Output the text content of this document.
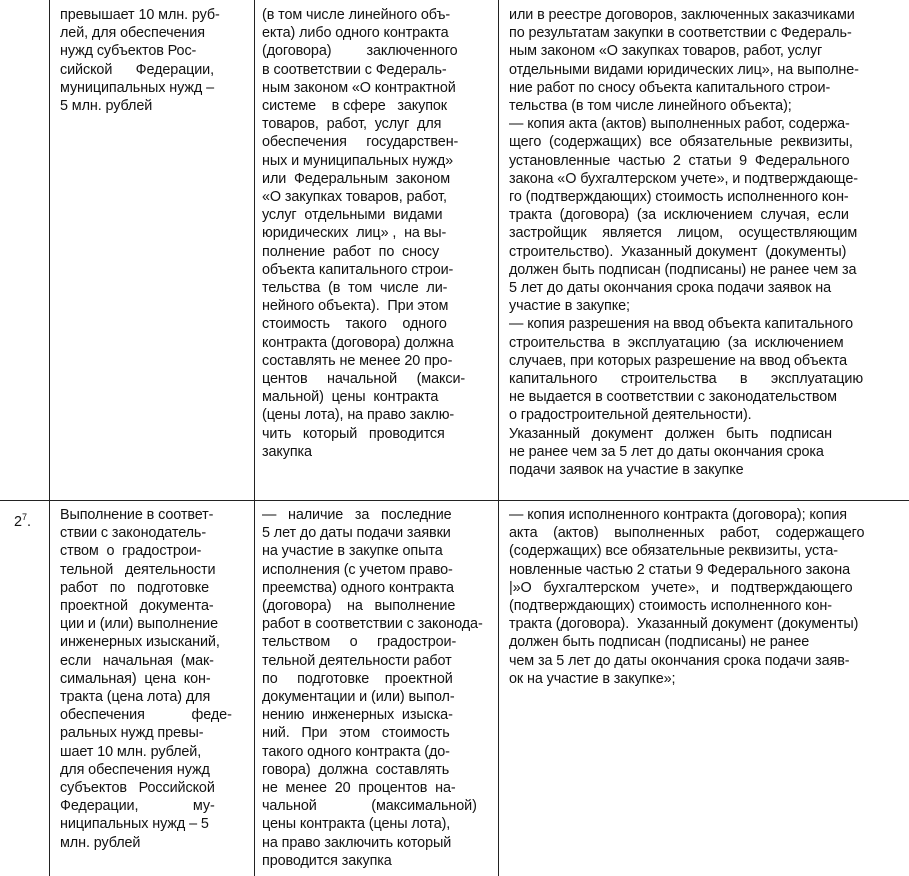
превышает 10 млн. руб-
лей, для обеспечения
нужд субъектов Рос-
сийской      Федерации,
муниципальных нужд –
5 млн. рублей
(в том числе линейного объ-
екта) либо одного контракта
(договора)         заключенного
в соответствии с Федераль-
ным законом «О контрактной
системе    в сфере   закупок
товаров,  работ,  услуг  для
обеспечения     государствен-
ных и муниципальных нужд»
или  Федеральным  законом
«О закупках товаров, работ,
услуг  отдельными  видами
юридических  лиц» ,  на вы-
полнение  работ  по  сносу
объекта капитального строи-
тельства  (в  том  числе  ли-
нейного объекта).  При этом
стоимость    такого    одного
контракта (договора) должна
составлять не менее 20 про-
центов     начальной     (макси-
мальной)  цены  контракта
(цены лота), на право заклю-
чить   который   проводится
закупка
или в реестре договоров, заключенных заказчиками
по результатам закупки в соответствии с Федераль-
ным законом «О закупках товаров, работ, услуг
отдельными видами юридических лиц», на выполне-
ние работ по сносу объекта капитального строи-
тельства (в том числе линейного объекта);
— копия акта (актов) выполненных работ, содержа-
щего  (содержащих)  все  обязательные  реквизиты,
установленные  частью  2  статьи  9  Федерального
закона «О бухгалтерском учете», и подтверждающе-
го (подтверждающих) стоимость исполненного кон-
тракта  (договора)  (за  исключением  случая,  если
застройщик    является    лицом,    осуществляющим
строительство).  Указанный документ  (документы)
должен быть подписан (подписаны) не ранее чем за
5 лет до даты окончания срока подачи заявок на
участие в закупке;
— копия разрешения на ввод объекта капитального
строительства  в  эксплуатацию  (за  исключением
случаев, при которых разрешение на ввод объекта
капитального      строительства      в      эксплуатацию
не выдается в соответствии с законодательством
о градостроительной деятельности).
Указанный   документ   должен   быть   подписан
не ранее чем за 5 лет до даты окончания срока
подачи заявок на участие в закупке
$2^7$. Выполнение в соответ-
ствии с законодатель-
ством  о  градострои-
тельной   деятельности
работ   по   подготовке
проектной   документа-
ции и (или) выполнение
инженерных изысканий,
если   начальная  (мак-
симальная)  цена  кон-
тракта (цена лота) для
обеспечения            феде-
ральных нужд превы-
шает 10 млн. рублей,
для обеспечения нужд
субъектов   Российской
Федерации,              му-
ниципальных нужд – 5
млн. рублей
—   наличие   за   последние
5 лет до даты подачи заявки
на участие в закупке опыта
исполнения (с учетом право-
преемства) одного контракта
(договора)    на   выполнение
работ в соответствии с законода-
тельством     о     градострои-
тельной деятельности работ
по     подготовке    проектной
документации и (или) выпол-
нению  инженерных  изыска-
ний.   При   этом   стоимость
такого одного контракта (до-
говора)  должна  составлять
не  менее  20  процентов  на-
чальной              (максимальной)
цены контракта (цены лота),
на право заключить который
проводится закупка
— копия исполненного контракта (договора); копия
акта    (актов)    выполненных    работ,    содержащего
(содержащих) все обязательные реквизиты, уста-
новленные частью 2 статьи 9 Федерального закона
|»О   бухгалтерском   учете»,   и   подтверждающего
(подтверждающих) стоимость исполненного кон-
тракта (договора).  Указанный документ (документы)
должен быть подписан (подписаны) не ранее
чем за 5 лет до даты окончания срока подачи заяв-
ок на участие в закупке»;
